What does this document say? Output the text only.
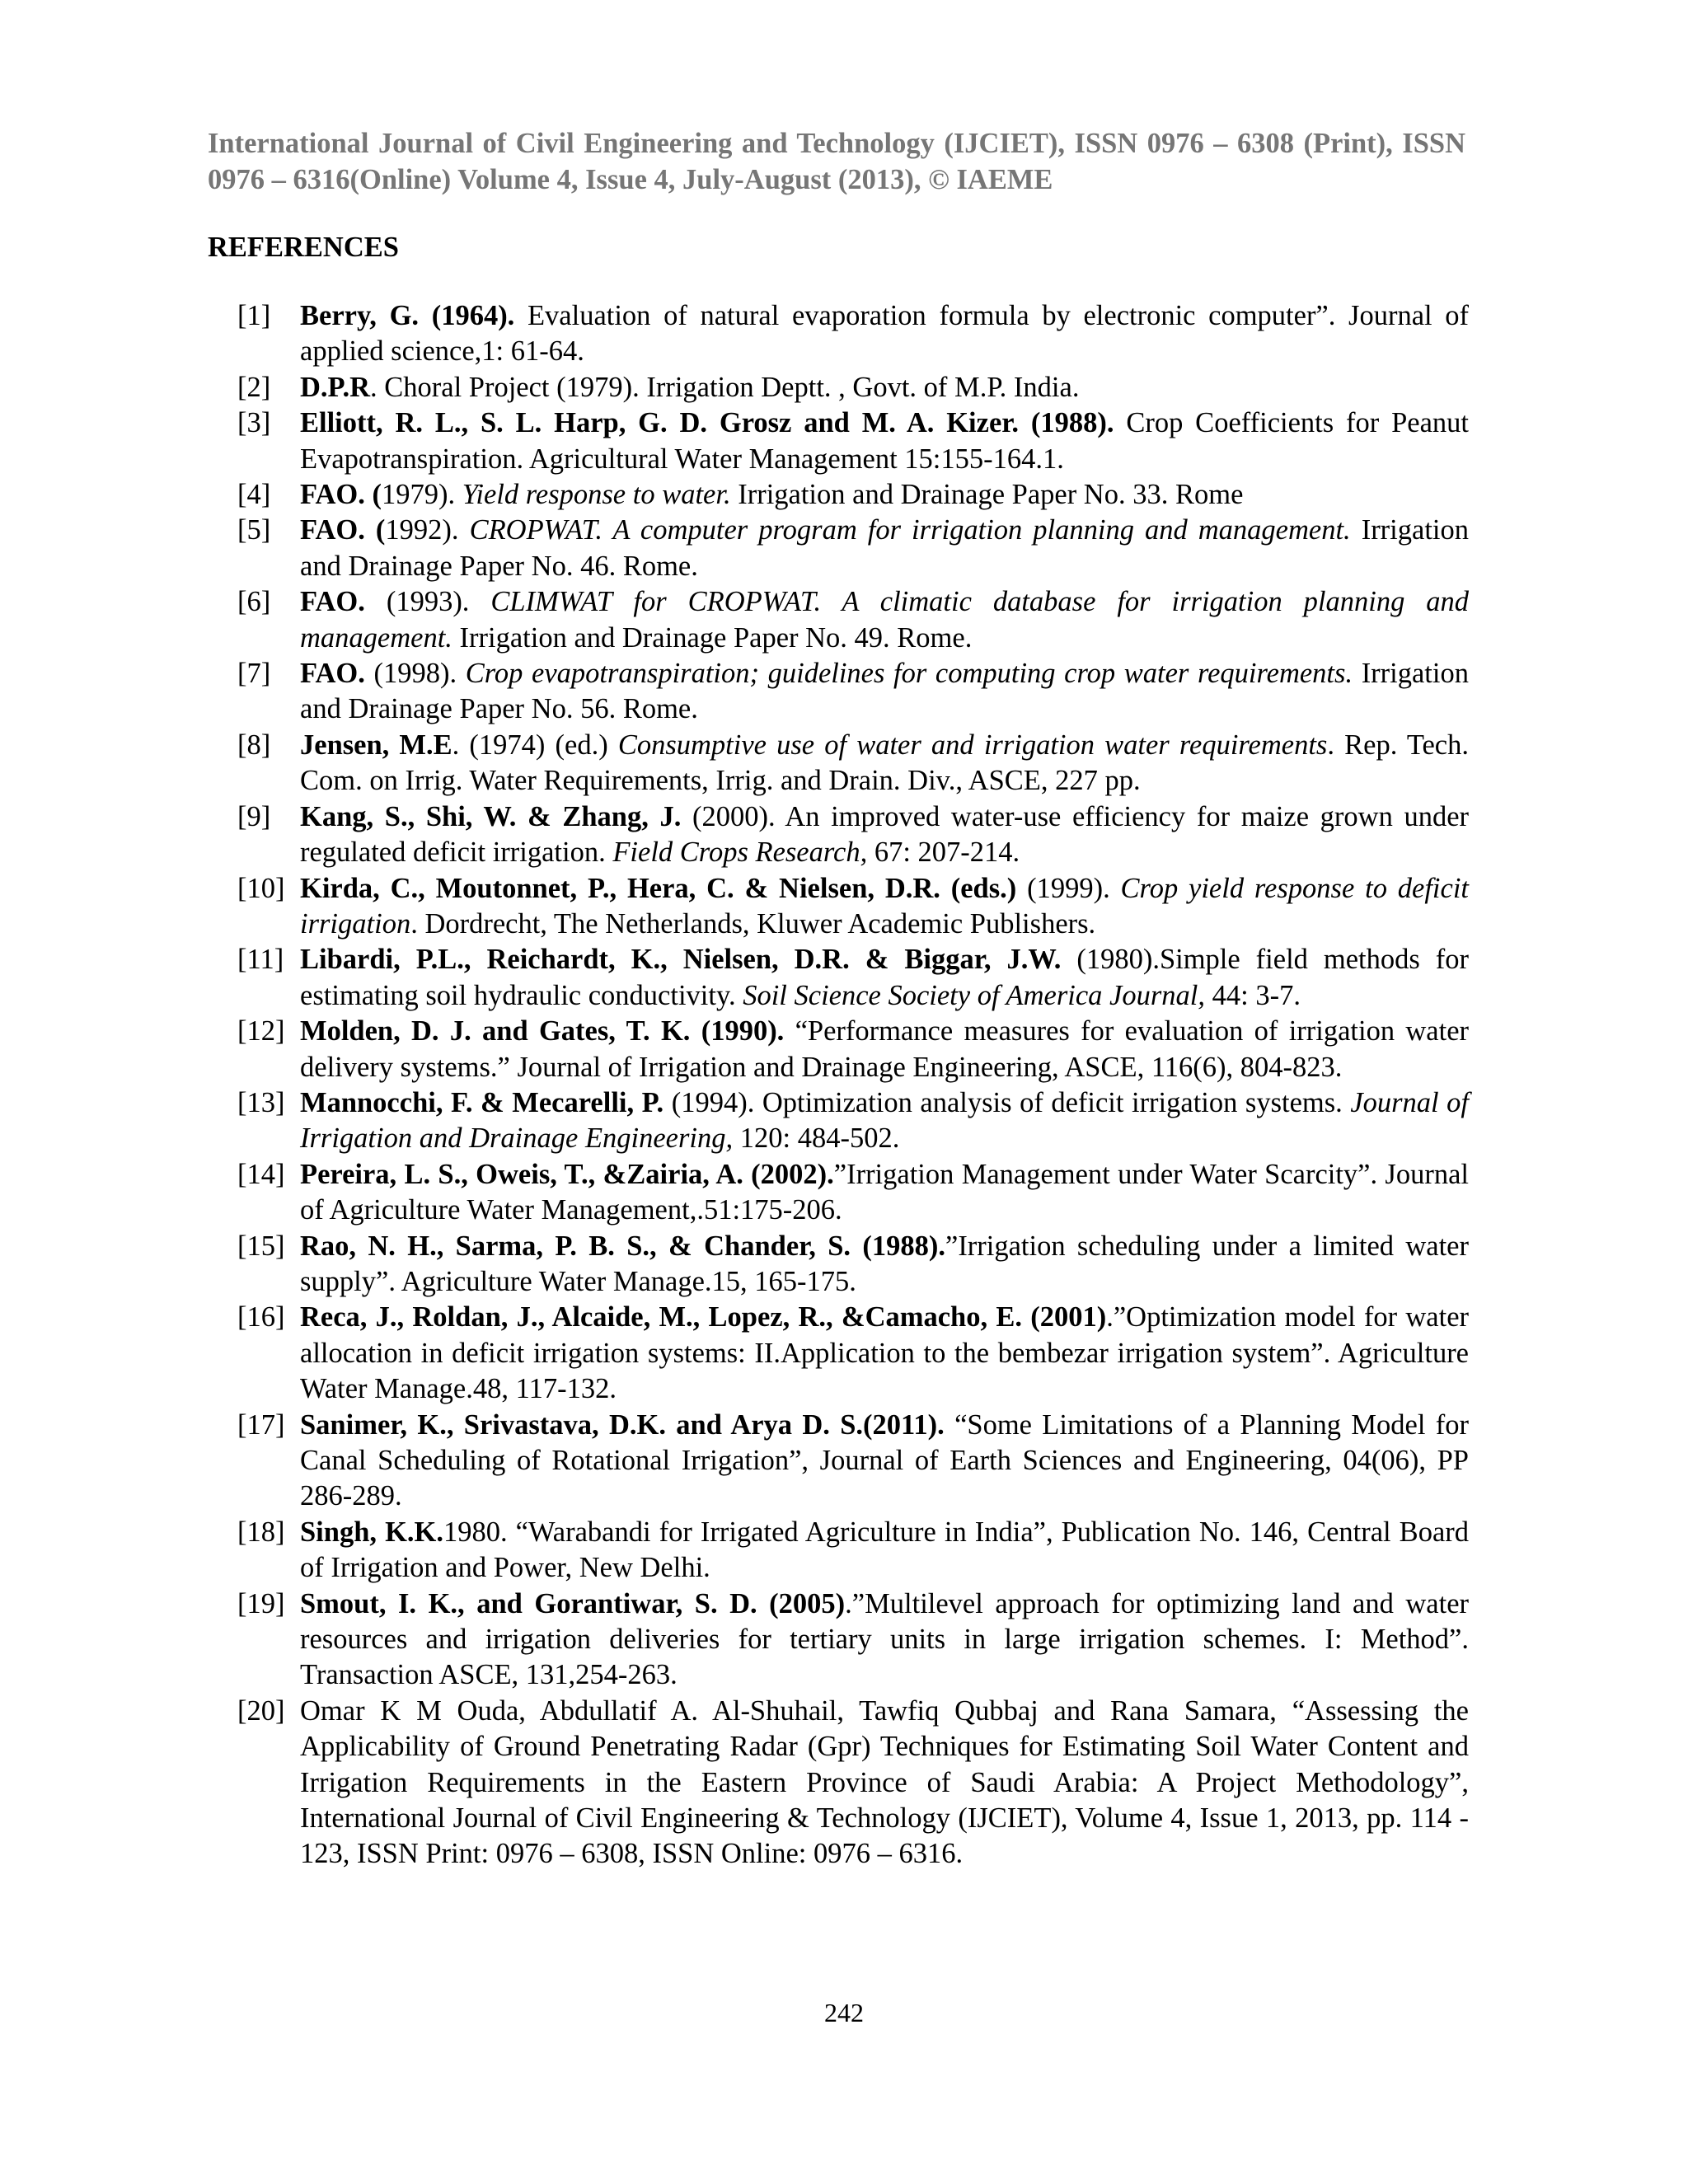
International Journal of Civil Engineering and Technology (IJCIET), ISSN 0976 – 6308 (Print), ISSN 0976 – 6316(Online) Volume 4, Issue 4, July-August (2013), © IAEME
REFERENCES
[1]	Berry, G. (1964). Evaluation of natural evaporation formula by electronic computer”. Journal of applied science,1: 61-64.
[2]	D.P.R. Choral Project (1979). Irrigation Deptt. , Govt. of M.P. India.
[3]	Elliott, R. L., S. L. Harp, G. D. Grosz and M. A. Kizer. (1988). Crop Coefficients for Peanut Evapotranspiration. Agricultural Water Management 15:155-164.1.
[4]	FAO. (1979). Yield response to water. Irrigation and Drainage Paper No. 33. Rome
[5]	FAO. (1992). CROPWAT. A computer program for irrigation planning and management. Irrigation and Drainage Paper No. 46. Rome.
[6]	FAO. (1993). CLIMWAT for CROPWAT. A climatic database for irrigation planning and management. Irrigation and Drainage Paper No. 49. Rome.
[7]	FAO. (1998). Crop evapotranspiration; guidelines for computing crop water requirements. Irrigation and Drainage Paper No. 56. Rome.
[8]	Jensen, M.E. (1974) (ed.) Consumptive use of water and irrigation water requirements. Rep. Tech. Com. on Irrig. Water Requirements, Irrig. and Drain. Div., ASCE, 227 pp.
[9]	Kang, S., Shi, W. & Zhang, J. (2000). An improved water-use efficiency for maize grown under regulated deficit irrigation. Field Crops Research, 67: 207-214.
[10] Kirda, C., Moutonnet, P., Hera, C. & Nielsen, D.R. (eds.) (1999). Crop yield response to deficit irrigation. Dordrecht, The Netherlands, Kluwer Academic Publishers.
[11] Libardi, P.L., Reichardt, K., Nielsen, D.R. & Biggar, J.W. (1980).Simple field methods for estimating soil hydraulic conductivity. Soil Science Society of America Journal, 44: 3-7.
[12] Molden, D. J. and Gates, T. K. (1990). “Performance measures for evaluation of irrigation water delivery systems.” Journal of Irrigation and Drainage Engineering, ASCE, 116(6), 804-823.
[13] Mannocchi, F. & Mecarelli, P. (1994). Optimization analysis of deficit irrigation systems. Journal of Irrigation and Drainage Engineering, 120: 484-502.
[14] Pereira, L. S., Oweis, T., &Zairia, A. (2002).”Irrigation Management under Water Scarcity”. Journal of Agriculture Water Management,.51:175-206.
[15] Rao, N. H., Sarma, P. B. S., & Chander, S. (1988).”Irrigation scheduling under a limited water supply”. Agriculture Water Manage.15, 165-175.
[16] Reca, J., Roldan, J., Alcaide, M., Lopez, R., &Camacho, E. (2001).”Optimization model for water allocation in deficit irrigation systems: II.Application to the bembezar irrigation system”. Agriculture Water Manage.48, 117-132.
[17] Sanimer, K., Srivastava, D.K. and Arya D. S.(2011). “Some Limitations of a Planning Model for Canal Scheduling of Rotational Irrigation”, Journal of Earth Sciences and Engineering, 04(06), PP 286-289.
[18] Singh, K.K.1980. “Warabandi for Irrigated Agriculture in India”, Publication No. 146, Central Board of Irrigation and Power, New Delhi.
[19] Smout, I. K., and Gorantiwar, S. D. (2005).”Multilevel approach for optimizing land and water resources and irrigation deliveries for tertiary units in large irrigation schemes. I: Method”. Transaction ASCE, 131,254-263.
[20] Omar K M Ouda, Abdullatif A. Al-Shuhail, Tawfiq Qubbaj and Rana Samara, “Assessing the Applicability of Ground Penetrating Radar (Gpr) Techniques for Estimating Soil Water Content and Irrigation Requirements in the Eastern Province of Saudi Arabia: A Project Methodology”, International Journal of Civil Engineering & Technology (IJCIET), Volume 4, Issue 1, 2013, pp. 114 - 123, ISSN Print: 0976 – 6308, ISSN Online: 0976 – 6316.
242
